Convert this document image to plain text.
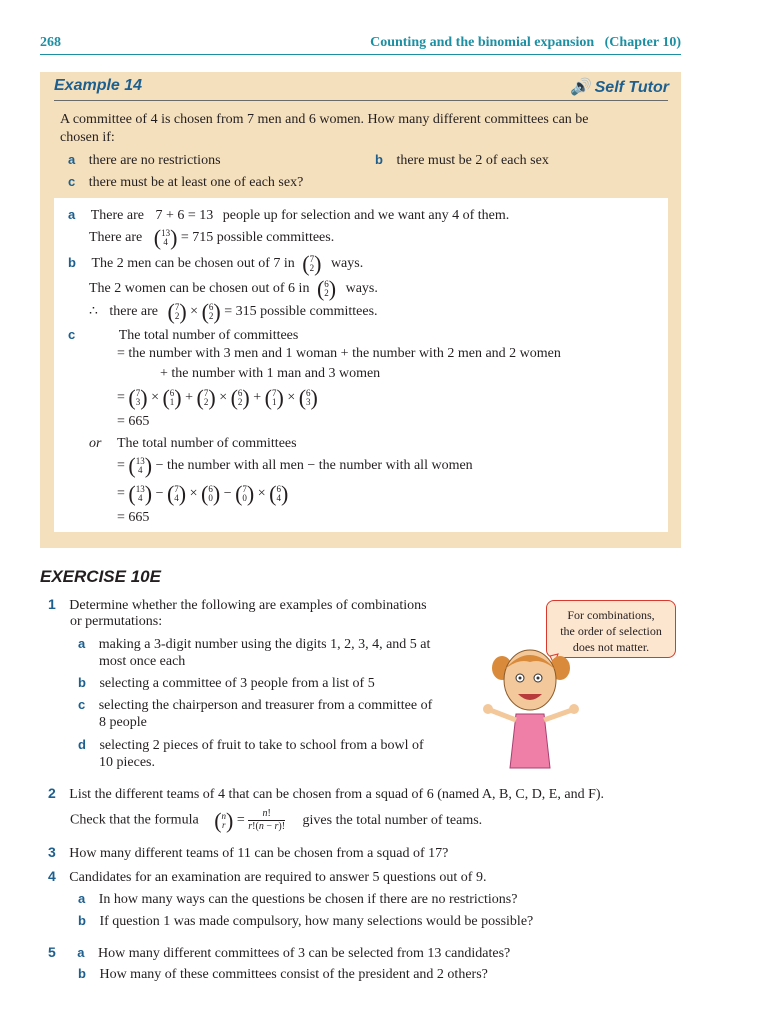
268	Counting and the binomial expansion   (Chapter 10)
Example 14	🔊 Self Tutor
A committee of 4 is chosen from 7 men and 6 women. How many different committees can be
chosen if:
a there are no restrictions	b there must be 2 of each sex
c there must be at least one of each sex?
a There are 7 + 6 = 13 people up for selection and we want any 4 of them.
There are ( 13
4 ) = 715 possible committees.
b The 2 men can be chosen out of 7 in ( 7
2 ) ways.
The 2 women can be chosen out of 6 in ( 6
2 ) ways.
∴ there are ( 7
2 ) × ( 6
2 ) = 315 possible committees.
c	The total number of committees
= the number with 3 men and 1 woman + the number with 2 men and 2 women
+ the number with 1 man and 3 women
= ( 7
3 ) × ( 6
1 ) + ( 7
2 ) × ( 6
2 ) + ( 7
1 ) × ( 6
3 )
= 665
or The total number of committees
= ( 13
4 ) − the number with all men − the number with all women
= ( 13
4 ) − ( 7
4 ) × ( 6
0 ) − ( 7
0 ) × ( 6
4 )
= 665
EXERCISE 10E
1 Determine whether the following are examples of combinations
or permutations:
a making a 3-digit number using the digits 1, 2, 3, 4, and 5 at
most once each
b selecting a committee of 3 people from a list of 5
c selecting the chairperson and treasurer from a committee of
8 people
d selecting 2 pieces of fruit to take to school from a bowl of
10 pieces.
For combinations,
the order of selection
does not matter.
2 List the different teams of 4 that can be chosen from a squad of 6 (named A, B, C, D, E, and F).
Check that the formula ( n
r ) = $\frac{n!}{r!(n - r)!}$ gives the total number of teams.
3 How many different teams of 11 can be chosen from a squad of 17?
4 Candidates for an examination are required to answer 5 questions out of 9.
a In how many ways can the questions be chosen if there are no restrictions?
b If question 1 was made compulsory, how many selections would be possible?
5 a How many different committees of 3 can be selected from 13 candidates?
b How many of these committees consist of the president and 2 others?
